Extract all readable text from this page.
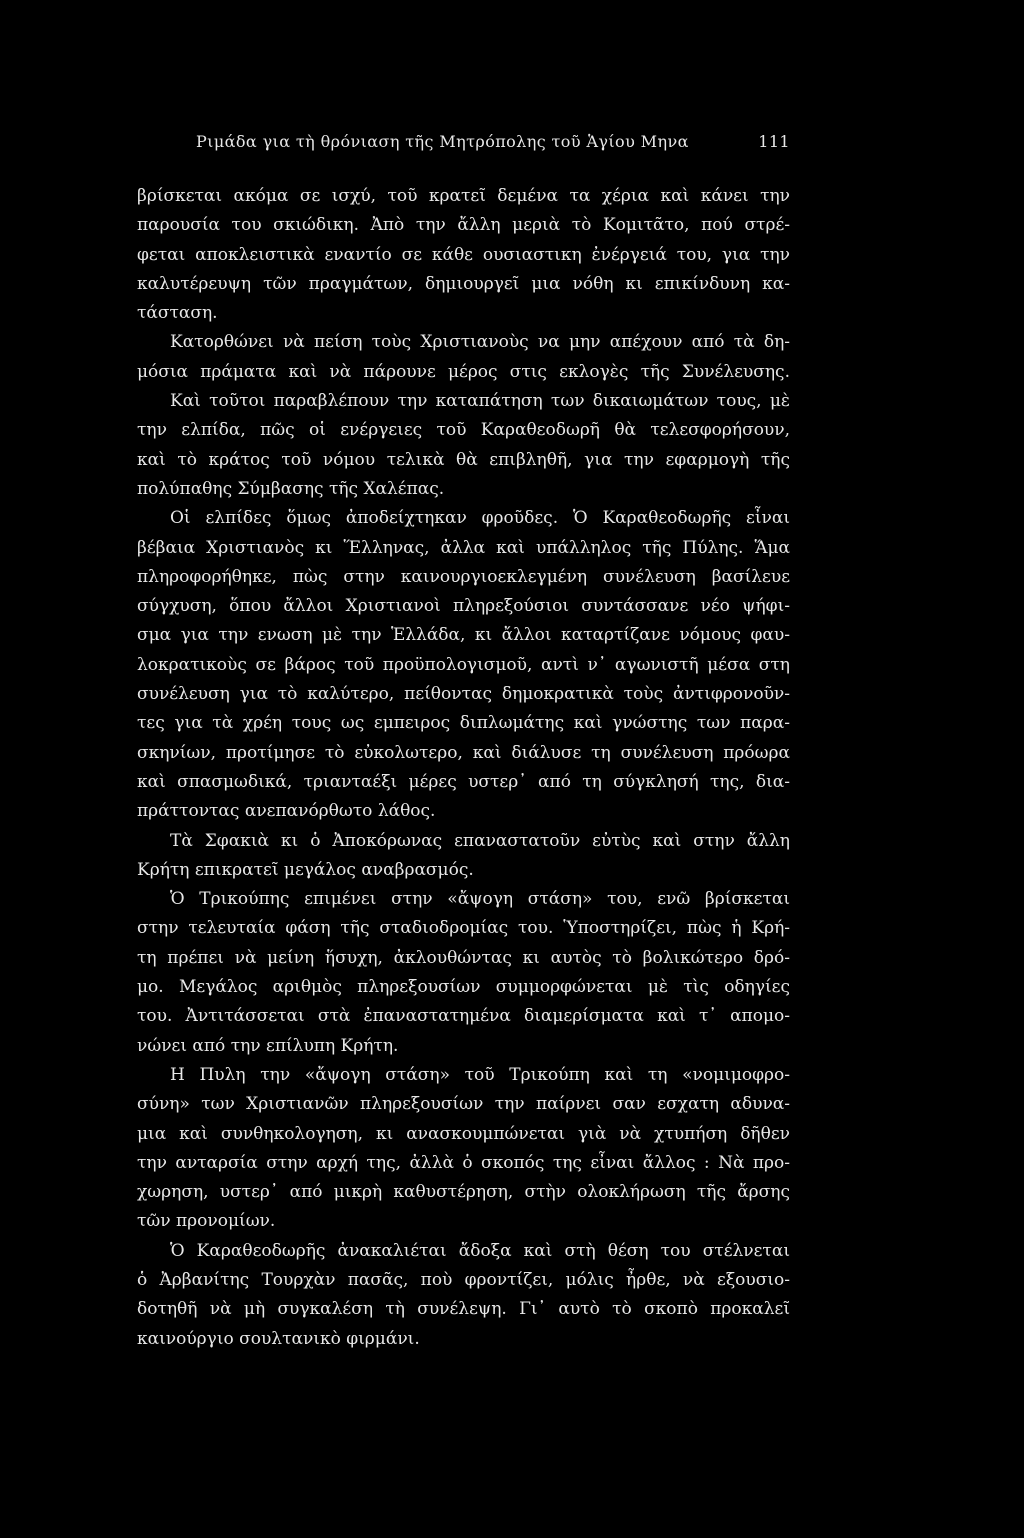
Ριμάδα για τὴ θρόνιαση τῆς Μητρόπολης τοῦ Ἁγίου Μηνα	111
βρίσκεται ακόμα σε ισχύ, τοῦ κρατεῖ δεμένα τα χέρια καὶ κάνει την
παρουσία του σκιώδικη. Ἀπὸ την ἄλλη μεριὰ τὸ Κομιτᾶτο, πού στρέ-
φεται αποκλειστικὰ εναντίο σε κάθε ουσιαστικη ἐνέργειά του, για την
καλυτέρευψη τῶν πραγμάτων, δημιουργεῖ μια νόθη κι επικίνδυνη κα-
τάσταση.
Κατορθώνει νὰ πείση τοὺς Χριστιανοὺς να μην απέχουν από τὰ δη-
μόσια πράματα καὶ νὰ πάρουνε μέρος στις εκλογὲς τῆς Συνέλευσης.
Καὶ τοῦτοι παραβλέπουν την καταπάτηση των δικαιωμάτων τους, μὲ
την ελπίδα, πῶς οἱ ενέργειες τοῦ Καραθεοδωρῆ θὰ τελεσφορήσουν,
καὶ τὸ κράτος τοῦ νόμου τελικὰ θὰ επιβληθῆ, για την εφαρμογὴ τῆς
πολύπαθης Σύμβασης τῆς Χαλέπας.
Οἱ ελπίδες ὅμως ἀποδείχτηκαν φροῦδες. Ὁ Καραθεοδωρῆς εἶναι
βέβαια Χριστιανὸς κι Ἕλληνας, ἀλλα καὶ υπάλληλος τῆς Πύλης. Ἅμα
πληροφορήθηκε, πὼς στην καινουργιοεκλεγμένη συνέλευση βασίλευε
σύγχυση, ὅπου ἄλλοι Χριστιανοὶ πληρεξούσιοι συντάσσανε νέο ψήφι-
σμα για την ενωση μὲ την Ἑλλάδα, κι ἄλλοι καταρτίζανε νόμους φαυ-
λοκρατικοὺς σε βάρος τοῦ προϋπολογισμοῦ, αντὶ ν᾽ αγωνιστῆ μέσα στη
συνέλευση για τὸ καλύτερο, πείθοντας δημοκρατικὰ τοὺς ἀντιφρονοῦν-
τες για τὰ χρέη τους ως εμπειρος διπλωμάτης καὶ γνώστης των παρα-
σκηνίων, προτίμησε τὸ εὐκολωτερο, καὶ διάλυσε τη συνέλευση πρόωρα
καὶ σπασμωδικά, τριανταέξι μέρες υστερ᾽ από τη σύγκλησή της, δια-
πράττοντας ανεπανόρθωτο λάθος.
Τὰ Σφακιὰ κι ὁ Ἀποκόρωνας επαναστατοῦν εὐτὺς καὶ στην ἄλλη
Κρήτη επικρατεῖ μεγάλος αναβρασμός.
Ὁ Τρικούπης επιμένει στην «ἄψογη στάση» του, ενῶ βρίσκεται
στην τελευταία φάση τῆς σταδιοδρομίας του. Ὑποστηρίζει, πὼς ἡ Κρή-
τη πρέπει νὰ μείνη ἥσυχη, ἀκλουθώντας κι αυτὸς τὸ βολικώτερο δρό-
μο. Μεγάλος αριθμὸς πληρεξουσίων συμμορφώνεται μὲ τὶς οδηγίες
του. Ἀντιτάσσεται στὰ ἐπαναστατημένα διαμερίσματα καὶ τ᾽ απομο-
νώνει από την επίλυπη Κρήτη.
Η Πυλη την «ἄψογη στάση» τοῦ Τρικούπη καὶ τη «νομιμοφρο-
σύνη» των Χριστιανῶν πληρεξουσίων την παίρνει σαν εσχατη αδυνα-
μια καὶ συνθηκολογηση, κι ανασκουμπώνεται γιὰ νὰ χτυπήση δῆθεν
την ανταρσία στην αρχή της, ἀλλὰ ὁ σκοπός της εἶναι ἄλλος : Νὰ προ-
χωρηση, υστερ᾽ από μικρὴ καθυστέρηση, στὴν ολοκλήρωση τῆς ἄρσης
τῶν προνομίων.
Ὁ Καραθεοδωρῆς ἀνακαλιέται ἄδοξα καὶ στὴ θέση του στέλνεται
ὁ Ἀρβανίτης Τουρχὰν πασᾶς, ποὺ φροντίζει, μόλις ἦρθε, νὰ εξουσιο-
δοτηθῆ νὰ μὴ συγκαλέση τὴ συνέλεψη. Γι᾽ αυτὸ τὸ σκοπὸ προκαλεῖ
καινούργιο σουλτανικὸ φιρμάνι.
